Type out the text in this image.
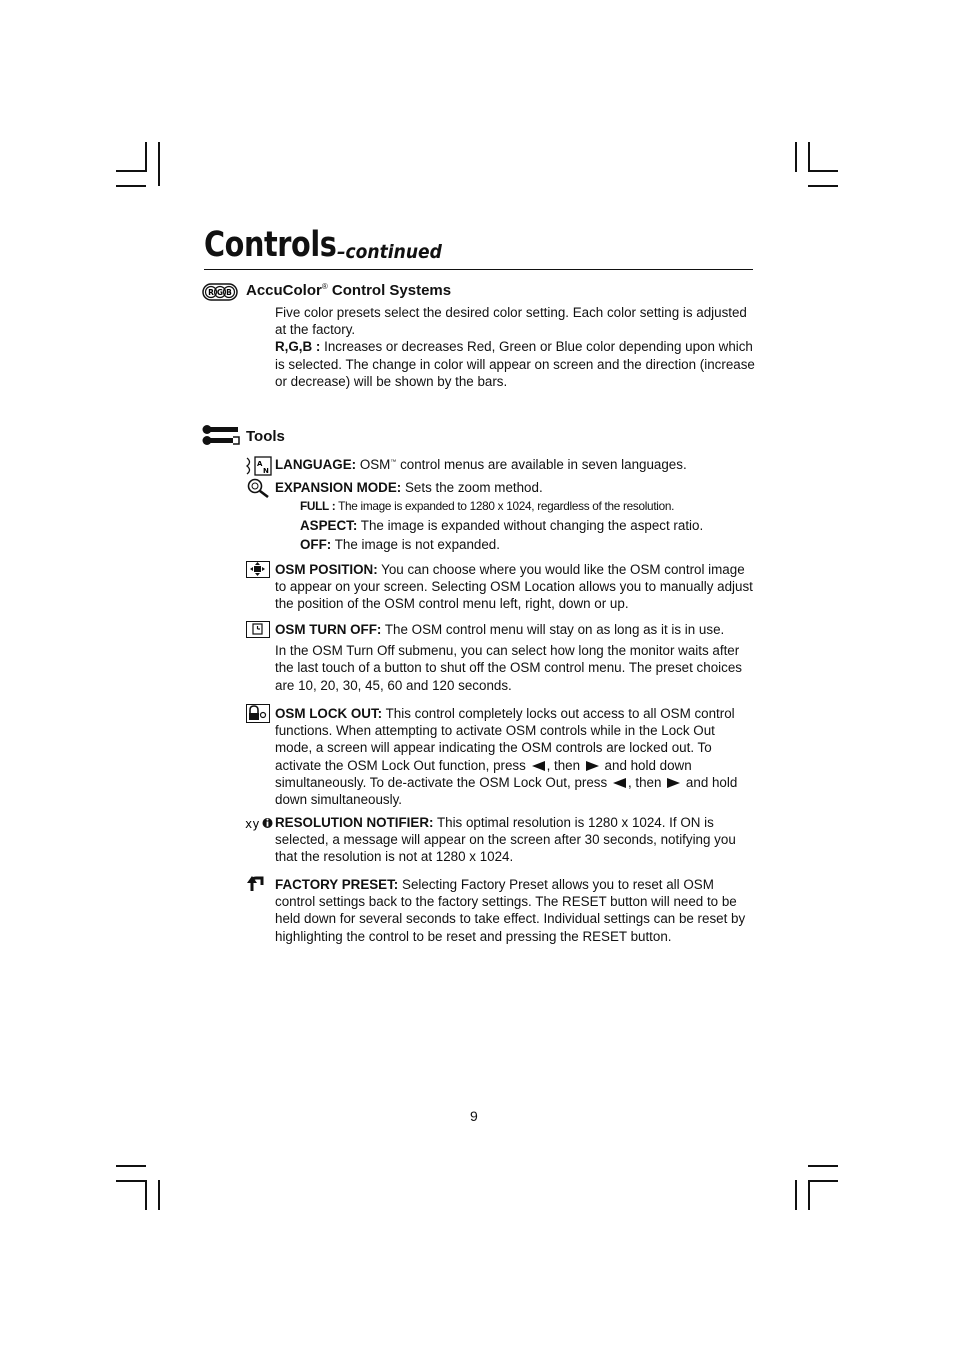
Controls –continued
R G B AccuColor® Control Systems
Five color presets select the desired color setting. Each color setting is adjusted at the factory.
R,G,B : Increases or decreases Red, Green or Blue color depending upon which is selected. The change in color will appear on screen and the direction (increase or decrease) will be shown by the bars.
Tools
A
N LANGUAGE: OSM™ control menus are available in seven languages.
EXPANSION MODE: Sets the zoom method.
FULL : The image is expanded to 1280 x 1024, regardless of the resolution.
ASPECT: The image is expanded without changing the aspect ratio.
OFF: The image is not expanded.
OSM POSITION: You can choose where you would like the OSM control image to appear on your screen. Selecting OSM Location allows you to manually adjust the position of the OSM control menu left, right, down or up.
OSM TURN OFF: The OSM control menu will stay on as long as it is in use.
In the OSM Turn Off submenu, you can select how long the monitor waits after the last touch of a button to shut off the OSM control menu. The preset choices are 10, 20, 30, 45, 60 and 120 seconds.
OSM LOCK OUT: This control completely locks out access to all OSM control functions. When attempting to activate OSM controls while in the Lock Out mode, a screen will appear indicating the OSM controls are locked out. To activate the OSM Lock Out function, press , then and hold down simultaneously. To de-activate the OSM Lock Out, press , then and hold down simultaneously.
xy RESOLUTION NOTIFIER: This optimal resolution is 1280 x 1024. If ON is selected, a message will appear on the screen after 30 seconds, notifying you that the resolution is not at 1280 x 1024.
FACTORY PRESET: Selecting Factory Preset allows you to reset all OSM control settings back to the factory settings. The RESET button will need to be held down for several seconds to take effect. Individual settings can be reset by highlighting the control to be reset and pressing the RESET button.
9
